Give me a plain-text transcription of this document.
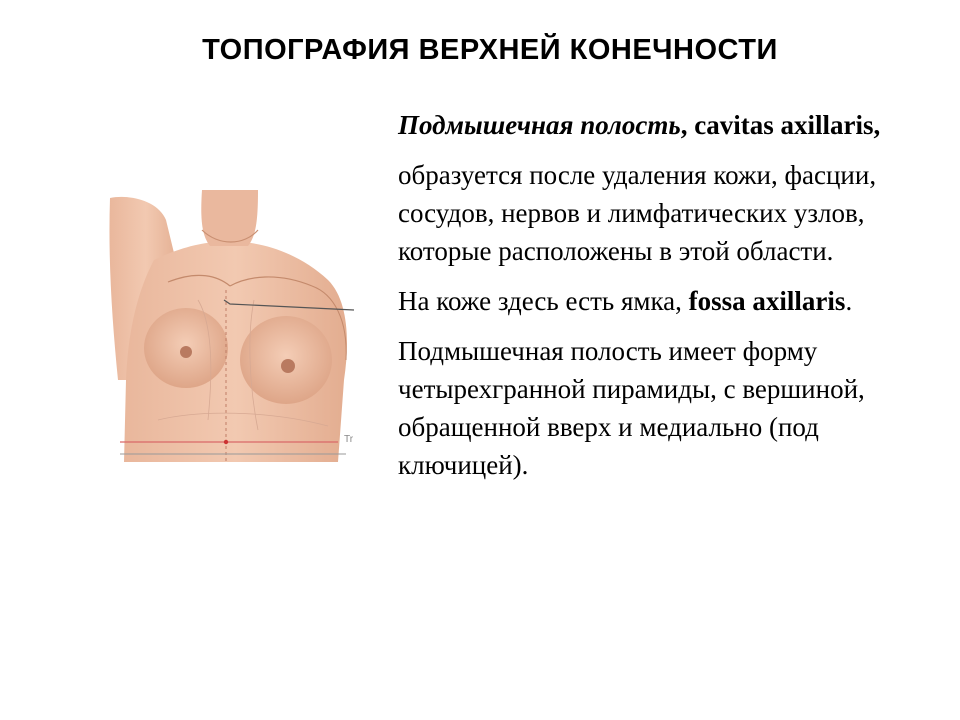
ТОПОГРАФИЯ ВЕРХНЕЙ КОНЕЧНОСТИ
Tr

Подмышечная полость, cavitas axillaris,

образуется после удаления кожи, фасции, сосудов, нервов и лимфатических узлов, которые расположены в этой области.

На коже здесь есть ямка, fossa axillaris.

Подмышечная полость имеет форму четырехгранной пирамиды, с вершиной, обращенной вверх и медиально (под ключицей).
